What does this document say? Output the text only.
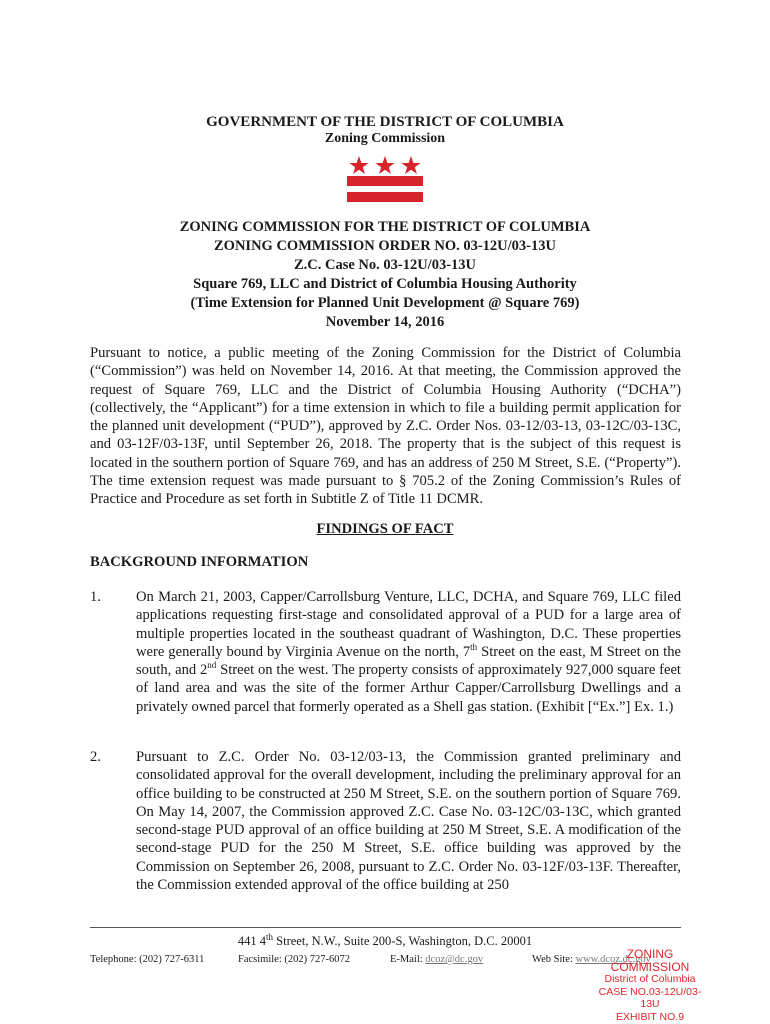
GOVERNMENT OF THE DISTRICT OF COLUMBIA
Zoning Commission
ZONING COMMISSION FOR THE DISTRICT OF COLUMBIA
ZONING COMMISSION ORDER NO. 03-12U/03-13U
Z.C. Case No. 03-12U/03-13U
Square 769, LLC and District of Columbia Housing Authority
(Time Extension for Planned Unit Development @ Square 769)
November 14, 2016
Pursuant to notice, a public meeting of the Zoning Commission for the District of Columbia (“Commission”) was held on November 14, 2016. At that meeting, the Commission approved the request of Square 769, LLC and the District of Columbia Housing Authority (“DCHA”) (collectively, the “Applicant”) for a time extension in which to file a building permit application for the planned unit development (“PUD”), approved by Z.C. Order Nos. 03-12/03-13, 03-12C/03-13C, and 03-12F/03-13F, until September 26, 2018. The property that is the subject of this request is located in the southern portion of Square 769, and has an address of 250 M Street, S.E. (“Property”). The time extension request was made pursuant to § 705.2 of the Zoning Commission’s Rules of Practice and Procedure as set forth in Subtitle Z of Title 11 DCMR.
FINDINGS OF FACT
BACKGROUND INFORMATION
1. On March 21, 2003, Capper/Carrollsburg Venture, LLC, DCHA, and Square 769, LLC filed applications requesting first-stage and consolidated approval of a PUD for a large area of multiple properties located in the southeast quadrant of Washington, D.C. These properties were generally bound by Virginia Avenue on the north, 7th Street on the east, M Street on the south, and 2nd Street on the west. The property consists of approximately 927,000 square feet of land area and was the site of the former Arthur Capper/Carrollsburg Dwellings and a privately owned parcel that formerly operated as a Shell gas station. (Exhibit [“Ex.”] Ex. 1.)
2. Pursuant to Z.C. Order No. 03-12/03-13, the Commission granted preliminary and consolidated approval for the overall development, including the preliminary approval for an office building to be constructed at 250 M Street, S.E. on the southern portion of Square 769. On May 14, 2007, the Commission approved Z.C. Case No. 03-12C/03-13C, which granted second-stage PUD approval of an office building at 250 M Street, S.E. A modification of the second-stage PUD for the 250 M Street, S.E. office building was approved by the Commission on September 26, 2008, pursuant to Z.C. Order No. 03-12F/03-13F. Thereafter, the Commission extended approval of the office building at 250
441 4th Street, N.W., Suite 200-S, Washington, D.C. 20001
Telephone: (202) 727-6311	Facsimile: (202) 727-6072	E-Mail: dcoz@dc.gov	Web Site: www.dcoz.dc.gov
ZONING COMMISSION
District of Columbia
CASE NO.03-12U/03-13U
EXHIBIT NO.9
